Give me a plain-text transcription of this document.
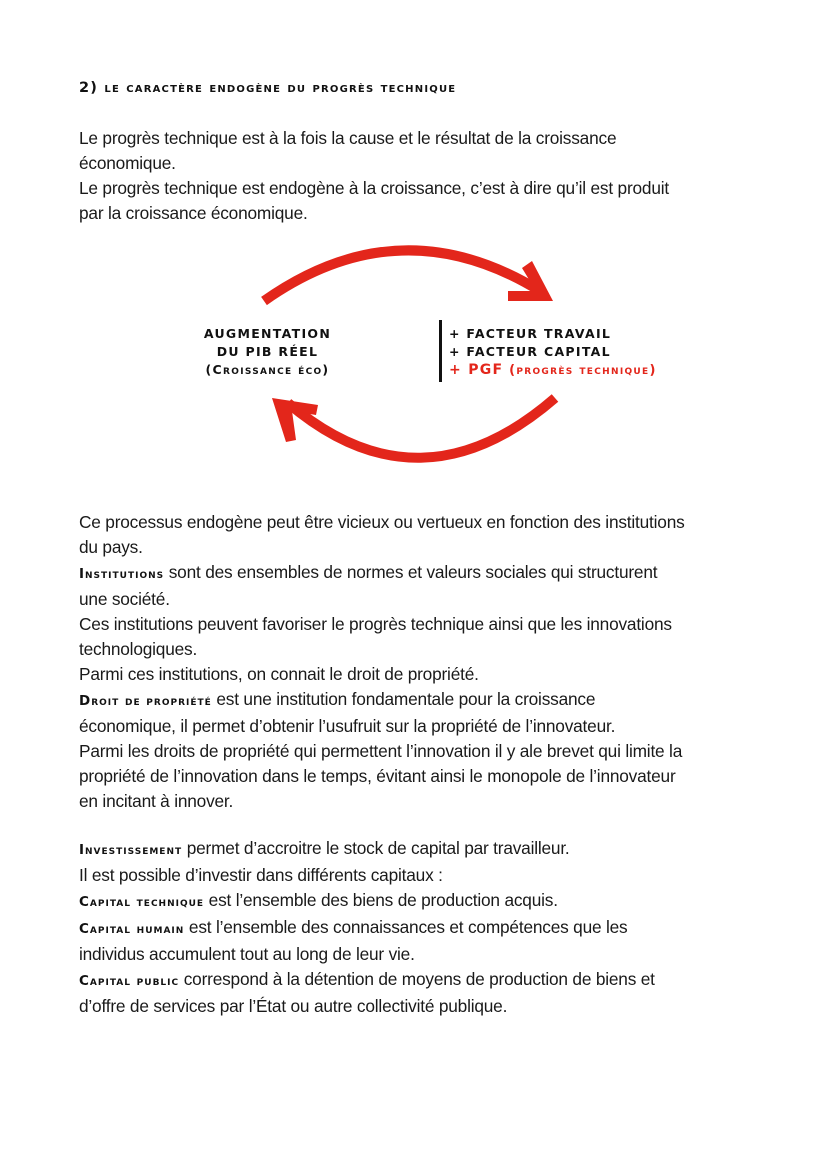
2) le caractère endogène du progrès technique
Le progrès technique est à la fois la cause et le résultat de la croissance
économique.
Le progrès technique est endogène à la croissance, c’est à dire qu’il est produit
par la croissance économique.
AUGMENTATION
DU PIB RÉEL
(Croissance éco)
+ FACTEUR TRAVAIL
+ FACTEUR CAPITAL
+ PGF (progrès technique)
Ce processus endogène peut être vicieux ou vertueux en fonction des institutions
du pays.
Institutions sont des ensembles de normes et valeurs sociales qui structurent
une société.
Ces institutions peuvent favoriser le progrès technique ainsi que les innovations
technologiques.
Parmi ces institutions, on connait le droit de propriété.
Droit de propriété est une institution fondamentale pour la croissance
économique, il permet d’obtenir l’usufruit sur la propriété de l’innovateur.
Parmi les droits de propriété qui permettent l’innovation il y ale brevet qui limite la
propriété de l’innovation dans le temps, évitant ainsi le monopole de l’innovateur
en incitant à innover.
Investissement permet d’accroitre le stock de capital par travailleur.
Il est possible d’investir dans différents capitaux :
Capital technique est l’ensemble des biens de production acquis.
Capital humain est l’ensemble des connaissances et compétences que les
individus accumulent tout au long de leur vie.
Capital public correspond à la détention de moyens de production de biens et
d’offre de services par l’État ou autre collectivité publique.
